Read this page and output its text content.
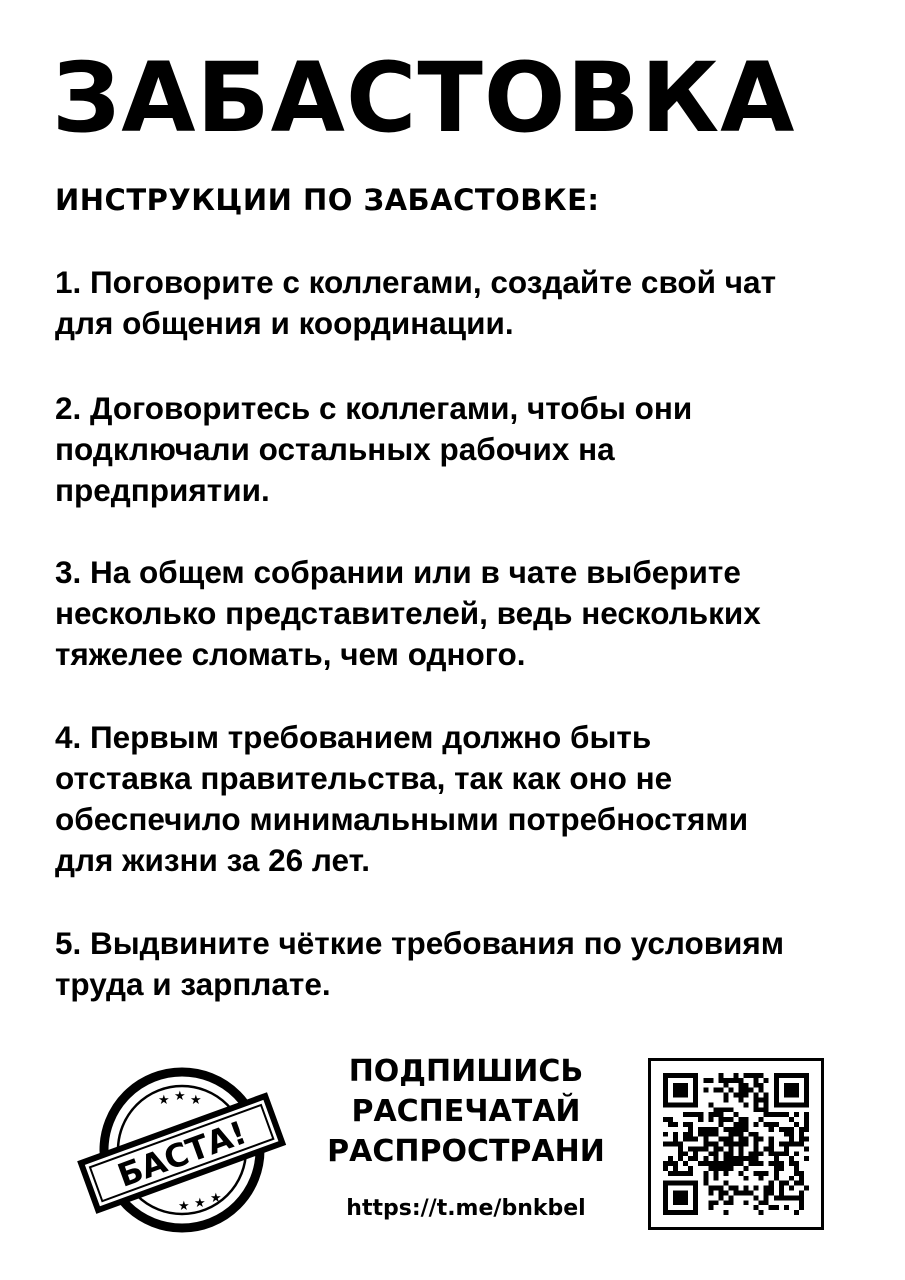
ЗАБАСТОВКА
ИНСТРУКЦИИ ПО ЗАБАСТОВКЕ:
1. Поговорите с коллегами, создайте свой чат
для общения и координации.
2. Договоритесь с коллегами, чтобы они
подключали остальных рабочих на
предприятии.
3. На общем собрании или в чате выберите
несколько представителей, ведь нескольких
тяжелее сломать, чем одного.
4. Первым требованием должно быть
отставка правительства, так как оно не
обеспечило минимальными потребностями
для жизни за 26 лет.
5. Выдвините чёткие требования по условиям
труда и зарплате.
★ ★ ★
★ ★ ★
БАСТА!
ПОДПИШИСЬ
РАСПЕЧАТАЙ
РАСПРОСТРАНИ
https://t.me/bnkbel
